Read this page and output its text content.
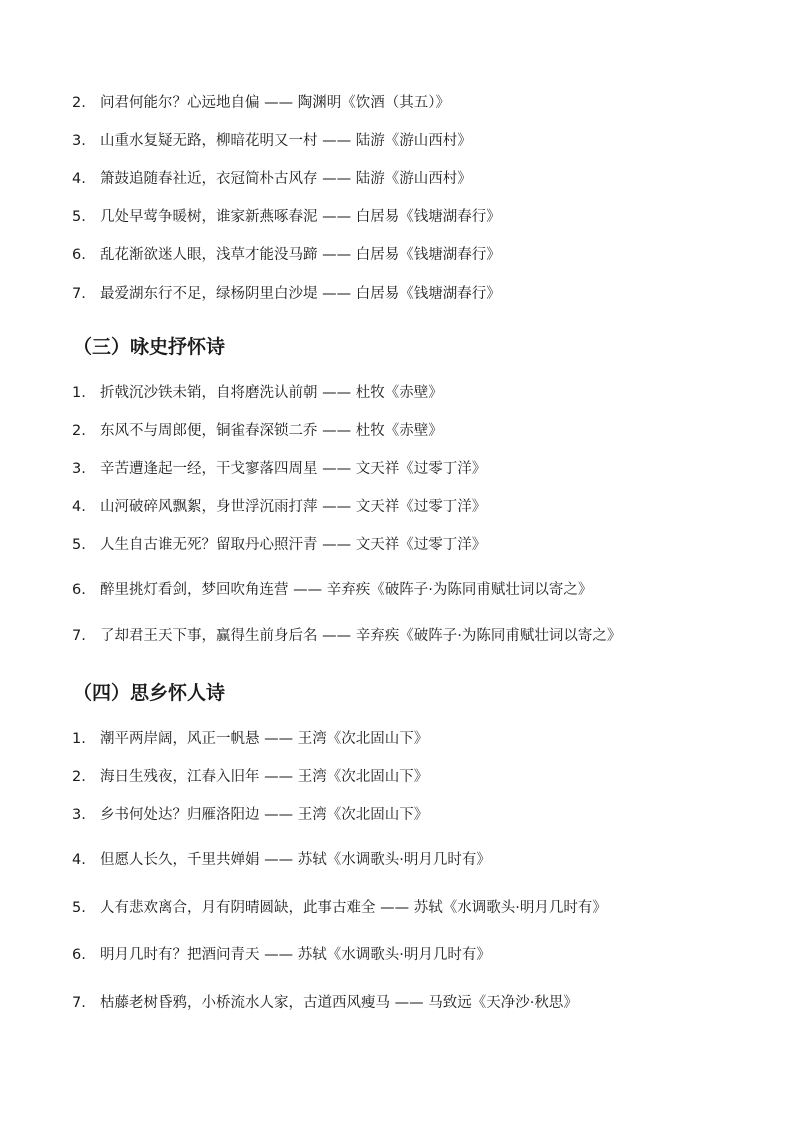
2. 问君何能尔？心远地自偏 —— 陶渊明《饮酒（其五）》
3. 山重水复疑无路，柳暗花明又一村 —— 陆游《游山西村》
4. 箫鼓追随春社近，衣冠简朴古风存 —— 陆游《游山西村》
5. 几处早莺争暖树，谁家新燕啄春泥 —— 白居易《钱塘湖春行》
6. 乱花渐欲迷人眼，浅草才能没马蹄 —— 白居易《钱塘湖春行》
7. 最爱湖东行不足，绿杨阴里白沙堤 —— 白居易《钱塘湖春行》
（三）咏史抒怀诗
1. 折戟沉沙铁未销，自将磨洗认前朝 —— 杜牧《赤壁》
2. 东风不与周郎便，铜雀春深锁二乔 —— 杜牧《赤壁》
3. 辛苦遭逢起一经，干戈寥落四周星 —— 文天祥《过零丁洋》
4. 山河破碎风飘絮，身世浮沉雨打萍 —— 文天祥《过零丁洋》
5. 人生自古谁无死？留取丹心照汗青 —— 文天祥《过零丁洋》
6. 醉里挑灯看剑，梦回吹角连营 —— 辛弃疾《破阵子·为陈同甫赋壮词以寄之》
7. 了却君王天下事，赢得生前身后名 —— 辛弃疾《破阵子·为陈同甫赋壮词以寄之》
（四）思乡怀人诗
1. 潮平两岸阔，风正一帆悬 —— 王湾《次北固山下》
2. 海日生残夜，江春入旧年 —— 王湾《次北固山下》
3. 乡书何处达？归雁洛阳边 —— 王湾《次北固山下》
4. 但愿人长久，千里共婵娟 —— 苏轼《水调歌头·明月几时有》
5. 人有悲欢离合，月有阴晴圆缺，此事古难全 —— 苏轼《水调歌头·明月几时有》
6. 明月几时有？把酒问青天 —— 苏轼《水调歌头·明月几时有》
7. 枯藤老树昏鸦，小桥流水人家，古道西风瘦马 —— 马致远《天净沙·秋思》
